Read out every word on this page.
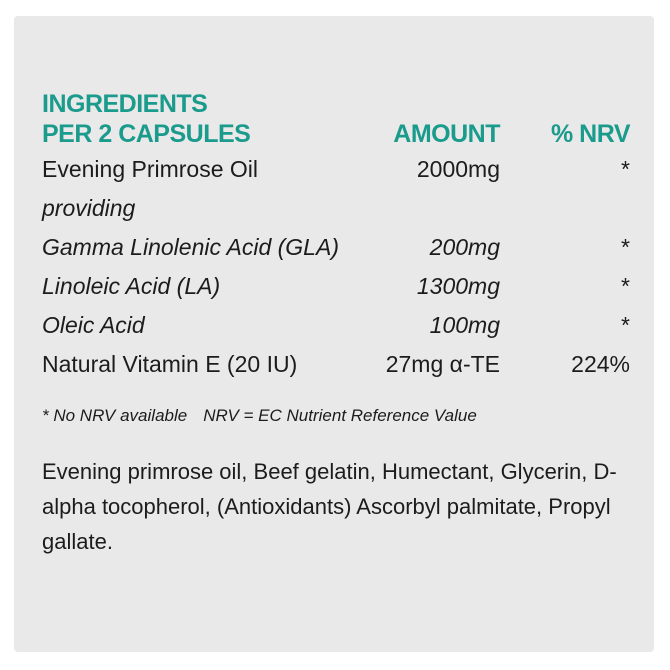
INGREDIENTS
PER 2 CAPSULES	AMOUNT % NRV
Evening Primrose Oil	2000mg	*
providing
Gamma Linolenic Acid (GLA)	200mg	*
Linoleic Acid (LA)	1300mg	*
Oleic Acid	100mg	*
Natural Vitamin E (20 IU)	27mg α-TE	224%
* No NRV available NRV = EC Nutrient Reference Value
Evening primrose oil, Beef gelatin, Humectant, Glycerin, D-alpha tocopherol, (Antioxidants) Ascorbyl palmitate, Propyl gallate.
